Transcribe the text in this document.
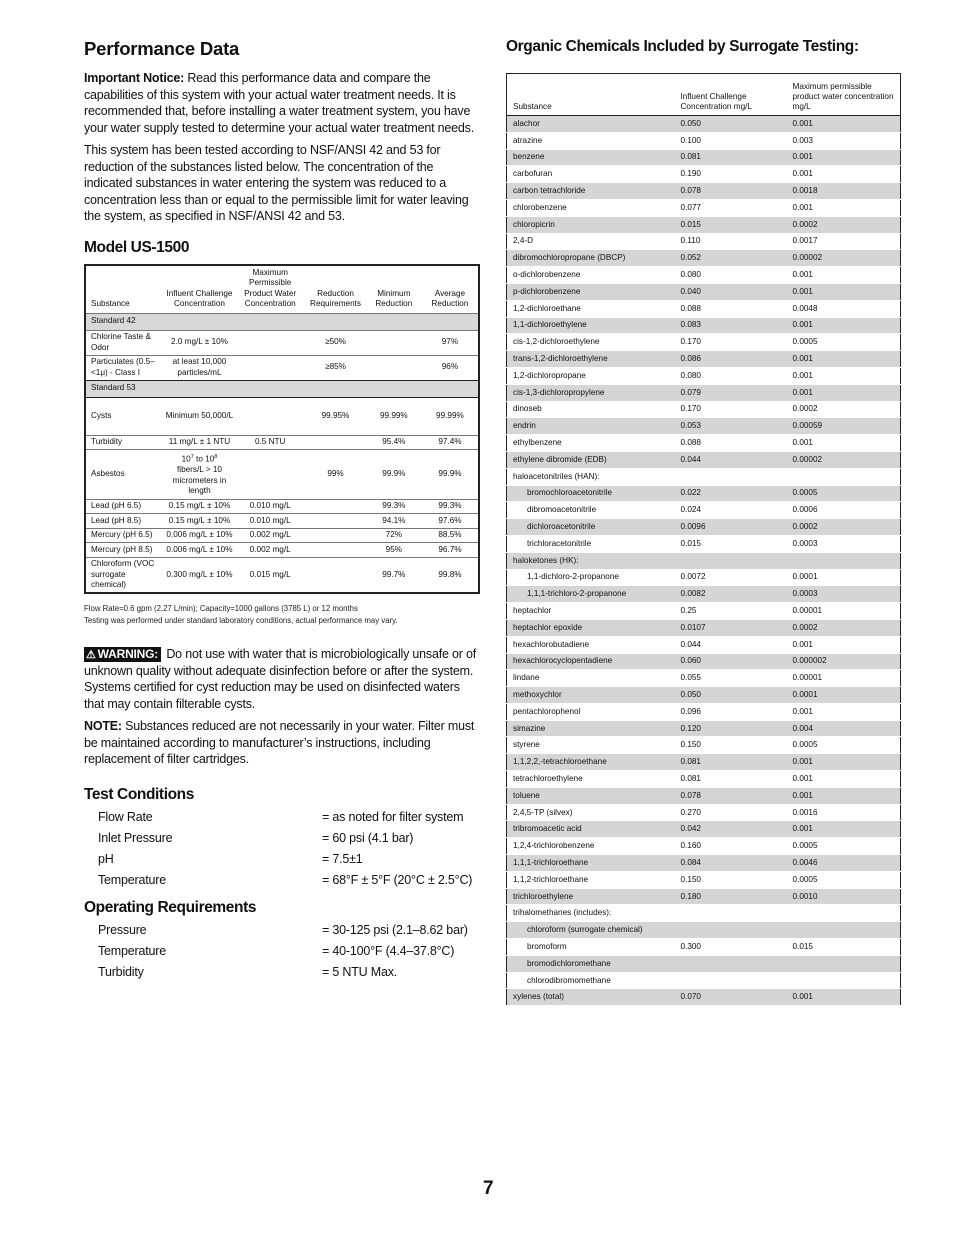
Performance Data

Important Notice: Read this performance data and compare the capabilities of this system with your actual water treatment needs. It is recommended that, before installing a water treatment system, you have your water supply tested to determine your actual water treatment needs.

This system has been tested according to NSF/ANSI 42 and 53 for reduction of the substances listed below. The concentration of the indicated substances in water entering the system was reduced to a concentration less than or equal to the permissible limit for water leaving the system, as specified in NSF/ANSI 42 and 53.

Model US-1500
Substance	Influent Challenge Concentration	Maximum Permissible Product Water Concentration	Reduction Requirements	Minimum Reduction	Average Reduction
Standard 42					
Chlorine Taste & Odor	2.0 mg/L ± 10%		≥50%		97%
Particulates (0.5–<1μ) - Class I	at least 10,000 particles/mL		≥85%		96%
Standard 53					
Cysts	Minimum 50,000/L		99.95%	99.99%	99.99%
Turbidity	11 mg/L ± 1 NTU	0.5 NTU		95.4%	97.4%
Asbestos	$10^7$ to $10^8$ fibers/L > 10 micrometers in length		99%	99.9%	99.9%
Lead (pH 6.5)	0.15 mg/L ± 10%	0.010 mg/L		99.3%	99.3%
Lead (pH 8.5)	0.15 mg/L ± 10%	0.010 mg/L		94.1%	97.6%
Mercury (pH 6.5)	0.006 mg/L ± 10%	0.002 mg/L		72%	88.5%
Mercury (pH 8.5)	0.006 mg/L ± 10%	0.002 mg/L		95%	96.7%
Chloroform (VOC surrogate chemical)	0.300 mg/L ± 10%	0.015 mg/L		99.7%	99.8%
Flow Rate=0.6 gpm (2.27 L/min); Capacity=1000 gallons (3785 L) or 12 months
Testing was performed under standard laboratory conditions, actual performance may vary.

⚠ WARNING: Do not use with water that is microbiologically unsafe or of unknown quality without adequate disinfection before or after the system. Systems certified for cyst reduction may be used on disinfected waters that may contain filterable cysts.

NOTE: Substances reduced are not necessarily in your water. Filter must be maintained according to manufacturer’s instructions, including replacement of filter cartridges.

Test Conditions
Flow Rate	= as noted for filter system
Inlet Pressure	= 60 psi (4.1 bar)
pH	= 7.5±1
Temperature	= 68°F ± 5°F (20°C ± 2.5°C)
Operating Requirements
Pressure	= 30-125 psi (2.1–8.62 bar)
Temperature	= 40-100°F (4.4–37.8°C)
Turbidity	= 5 NTU Max.
Organic Chemicals Included by Surrogate Testing:
Substance	Influent Challenge Concentration mg/L	Maximum permissible product water concentration mg/L
alachor	0.050	0.001
atrazine	0.100	0.003
benzene	0.081	0.001
carbofuran	0.190	0.001
carbon tetrachloride	0.078	0.0018
chlorobenzene	0.077	0.001
chloropicrin	0.015	0.0002
2,4-D	0.110	0.0017
dibromochloropropane (DBCP)	0.052	0.00002
o-dichlorobenzene	0.080	0.001
p-dichlorobenzene	0.040	0.001
1,2-dichloroethane	0.088	0.0048
1,1-dichloroethylene	0.083	0.001
cis-1,2-dichloroethylene	0.170	0.0005
trans-1,2-dichloroethylene	0.086	0.001
1,2-dichloropropane	0.080	0.001
cis-1,3-dichloropropylene	0.079	0.001
dinoseb	0.170	0.0002
endrin	0.053	0.00059
ethylbenzene	0.088	0.001
ethylene dibromide (EDB)	0.044	0.00002
haloacetonitriles (HAN):		
bromochloroacetonitrile	0.022	0.0005
dibromoacetonitrile	0.024	0.0006
dichloroacetonitrile	0.0096	0.0002
trichloracetonitrile	0.015	0.0003
haloketones (HK):		
1,1-dichloro-2-propanone	0.0072	0.0001
1,1,1-trichloro-2-propanone	0.0082	0.0003
heptachlor	0.25	0.00001
heptachlor epoxide	0.0107	0.0002
hexachlorobutadiene	0.044	0.001
hexachlorocyclopentadiene	0.060	0.000002
lindane	0.055	0.00001
methoxychlor	0.050	0.0001
pentachlorophenol	0.096	0.001
simazine	0.120	0.004
styrene	0.150	0.0005
1,1,2,2,-tetrachloroethane	0.081	0.001
tetrachloroethylene	0.081	0.001
toluene	0.078	0.001
2,4,5-TP (silvex)	0.270	0.0016
tribromoacetic acid	0.042	0.001
1,2,4-trichlorobenzene	0.160	0.0005
1,1,1-trichloroethane	0.084	0.0046
1,1,2-trichloroethane	0.150	0.0005
trichloroethylene	0.180	0.0010
trihalomethanes (includes):		
chloroform (surrogate chemical)		
bromoform	0.300	0.015
bromodichloromethane		
chlorodibromomethane		
xylenes (total)	0.070	0.001
7
